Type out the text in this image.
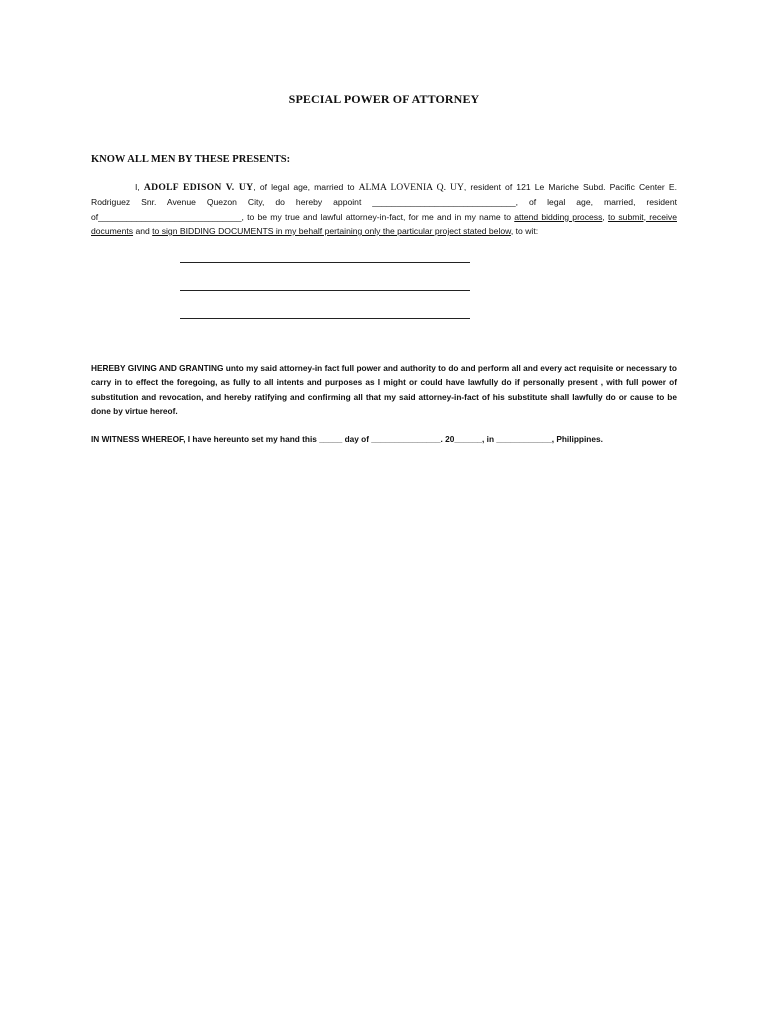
SPECIAL POWER OF ATTORNEY
KNOW ALL MEN BY THESE PRESENTS:
I, ADOLF EDISON V. UY, of legal age, married to ALMA LOVENIA Q. UY, resident of 121 Le Mariche Subd. Pacific Center E. Rodriguez Snr. Avenue Quezon City, do hereby appoint ______________________________, of legal age, married, resident of______________________________, to be my true and lawful attorney-in-fact, for me and in my name to attend bidding process, to submit, receive documents and to sign BIDDING DOCUMENTS in my behalf pertaining only the particular project stated below, to wit:
HEREBY GIVING AND GRANTING unto my said attorney-in fact full power and authority to do and perform all and every act requisite or necessary to carry in to effect the foregoing, as fully to all intents and purposes as I might or could have lawfully do if personally present , with full power of substitution and revocation, and hereby ratifying and confirming all that my said attorney-in-fact of his substitute shall lawfully do or cause to be done by virtue hereof.
IN WITNESS WHEREOF, I have hereunto set my hand this _____ day of _______________. 20______, in ____________, Philippines.
